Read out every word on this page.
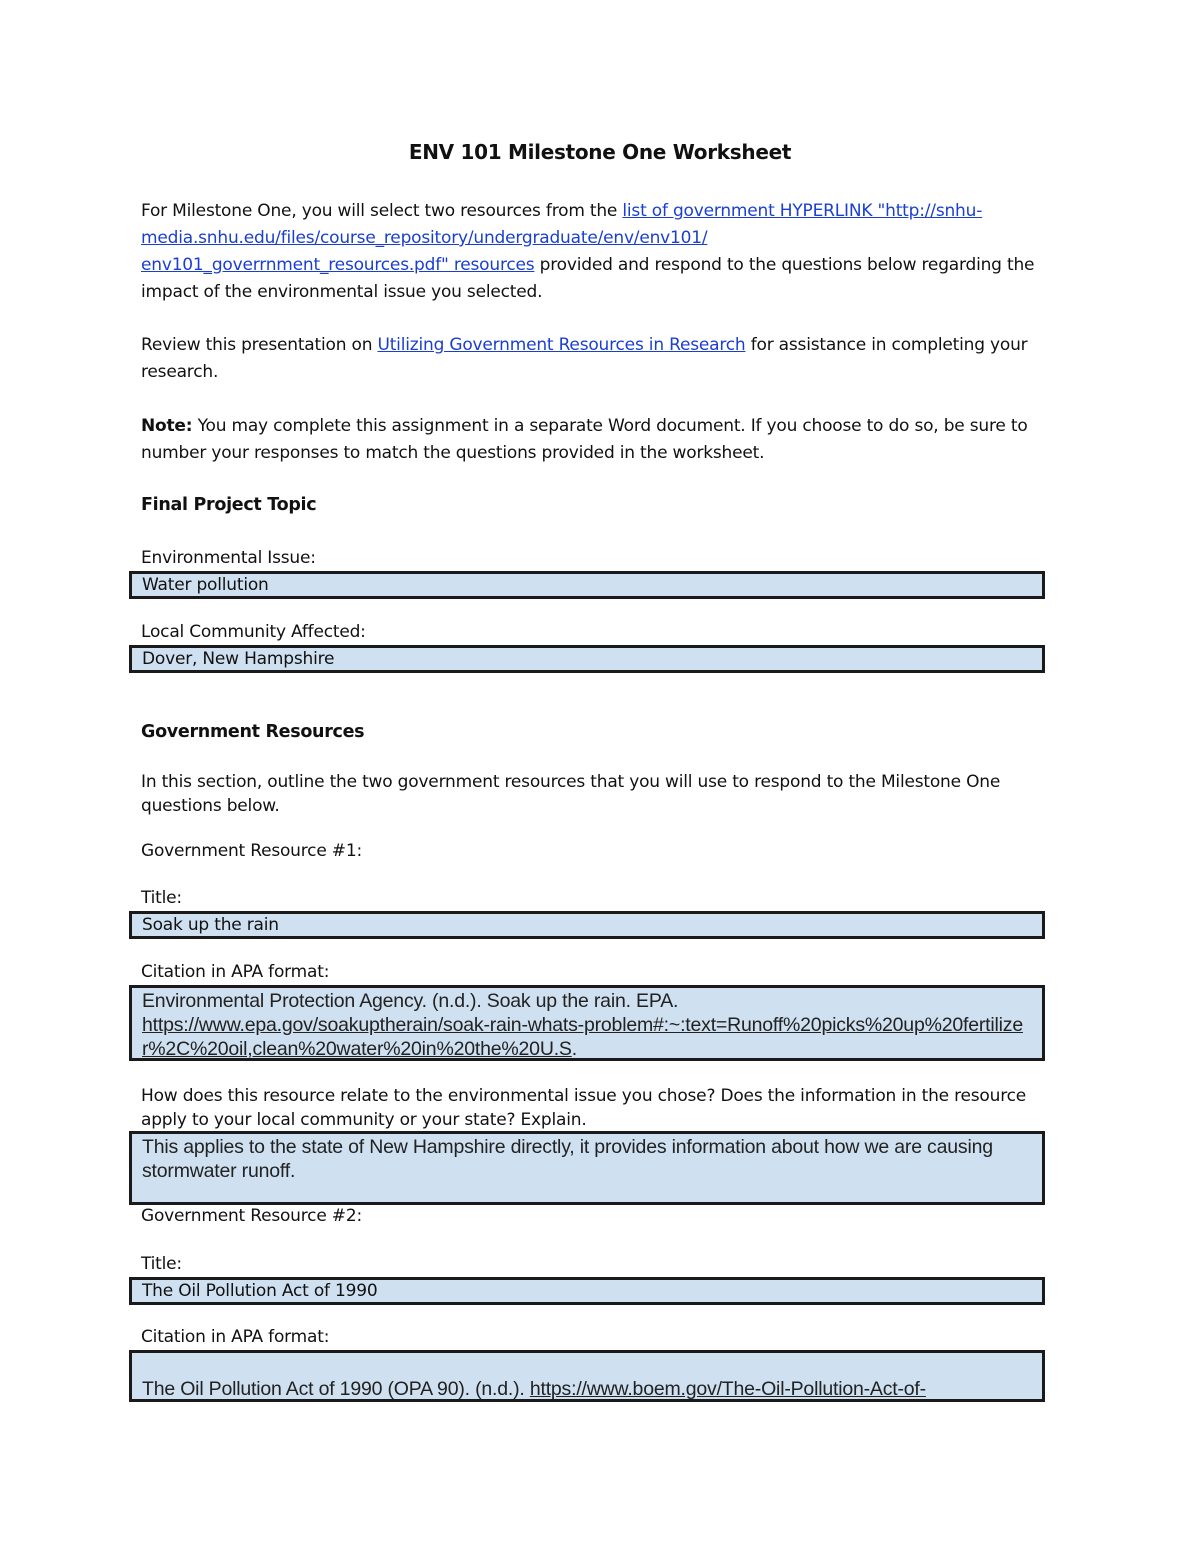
ENV 101 Milestone One Worksheet
For Milestone One, you will select two resources from the list of government HYPERLINK "http://snhu-
media.snhu.edu/files/course_repository/undergraduate/env/env101/
env101_goverrnment_resources.pdf" resources provided and respond to the questions below regarding the impact of the environmental issue you selected.
Review this presentation on Utilizing Government Resources in Research for assistance in completing your research.
Note: You may complete this assignment in a separate Word document. If you choose to do so, be sure to number your responses to match the questions provided in the worksheet.
Final Project Topic
Environmental Issue:
Water pollution
Local Community Affected:
Dover, New Hampshire
Government Resources
In this section, outline the two government resources that you will use to respond to the Milestone One questions below.
Government Resource #1:
Title:
Soak up the rain
Citation in APA format:
Environmental Protection Agency. (n.d.). Soak up the rain. EPA.
https://www.epa.gov/soakuptherain/soak-rain-whats-problem#:~:text=Runoff%20picks%20up%20fertilizer%2C%20oil,clean%20water%20in%20the%20U.S.
How does this resource relate to the environmental issue you chose? Does the information in the resource apply to your local community or your state? Explain.
This applies to the state of New Hampshire directly, it provides information about how we are causing stormwater runoff.
Government Resource #2:
Title:
The Oil Pollution Act of 1990
Citation in APA format:
The Oil Pollution Act of 1990 (OPA 90). (n.d.). https://www.boem.gov/The-Oil-Pollution-Act-of-
